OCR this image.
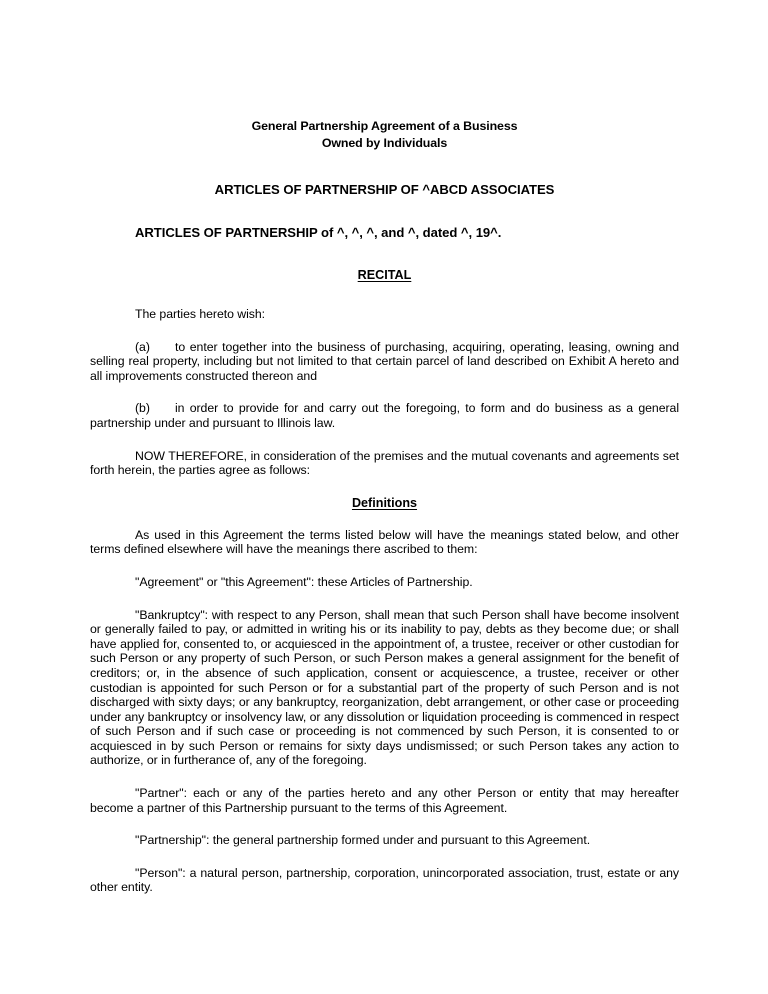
General Partnership Agreement of a Business
Owned by Individuals
ARTICLES OF PARTNERSHIP OF ^ABCD ASSOCIATES
ARTICLES OF PARTNERSHIP of ^, ^, ^, and ^, dated ^, 19^.
RECITAL

The parties hereto wish:

(a) to enter together into the business of purchasing, acquiring, operating, leasing, owning and selling real property, including but not limited to that certain parcel of land described on Exhibit A hereto and all improvements constructed thereon and

(b) in order to provide for and carry out the foregoing, to form and do business as a general partnership under and pursuant to Illinois law.

NOW THEREFORE, in consideration of the premises and the mutual covenants and agreements set forth herein, the parties agree as follows:

Definitions

As used in this Agreement the terms listed below will have the meanings stated below, and other terms defined elsewhere will have the meanings there ascribed to them:

"Agreement" or "this Agreement": these Articles of Partnership.

"Bankruptcy": with respect to any Person, shall mean that such Person shall have become insolvent or generally failed to pay, or admitted in writing his or its inability to pay, debts as they become due; or shall have applied for, consented to, or acquiesced in the appointment of, a trustee, receiver or other custodian for such Person or any property of such Person, or such Person makes a general assignment for the benefit of creditors; or, in the absence of such application, consent or acquiescence, a trustee, receiver or other custodian is appointed for such Person or for a substantial part of the property of such Person and is not discharged with sixty days; or any bankruptcy, reorganization, debt arrangement, or other case or proceeding under any bankruptcy or insolvency law, or any dissolution or liquidation proceeding is commenced in respect of such Person and if such case or proceeding is not commenced by such Person, it is consented to or acquiesced in by such Person or remains for sixty days undismissed; or such Person takes any action to authorize, or in furtherance of, any of the foregoing.

"Partner": each or any of the parties hereto and any other Person or entity that may hereafter become a partner of this Partnership pursuant to the terms of this Agreement.

"Partnership": the general partnership formed under and pursuant to this Agreement.

"Person": a natural person, partnership, corporation, unincorporated association, trust, estate or any other entity.
